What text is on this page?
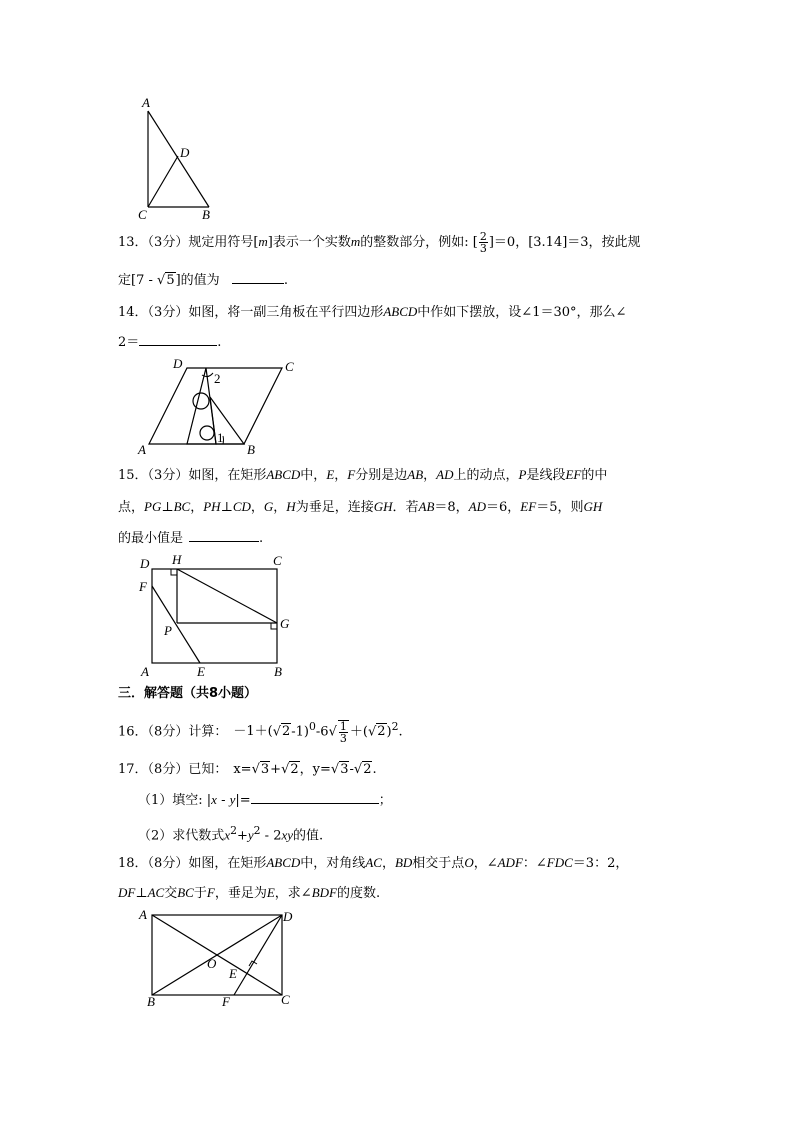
A
D
C	B
13．（3分）规定用符号[m]表示一个实数m的整数部分，例如: [ $\frac{2}{3} ]=0$，[3.14]＝3，按此规
定[7 - √5]的值为	.
14．（3分）如图，将一副三角板在平行四边形ABCD中作如下摆放，设∠1＝30°，那么∠
2＝	.
D	C
A	B
2
1
15．（3分）如图，在矩形ABCD中，E，F分别是边AB，AD上的动点，P是线段EF的中
点，PG⊥BC，PH⊥CD，G，H为垂足，连接GH．若AB＝8，AD＝6，EF＝5，则GH
的最小值是	.
D H	C
F
P	G
A	E	B
三．解答题（共8小题）
16．（8分）计算： $-1+(√2-1)^0-6√ \frac{1}{3} +(√2)^2$.
17．（8分）已知： x=√3+√2，y=√3-√2.
（1）填空: |x - y|=	；
（2）求代数式$x^2+y^2 - 2xy$的值.
18．（8分）如图，在矩形ABCD中，对角线AC，BD相交于点O，∠ADF：∠FDC＝3：2，
DF⊥AC交BC于F，垂足为E，求∠BDF的度数.
A	D
O
E
B	F	C
